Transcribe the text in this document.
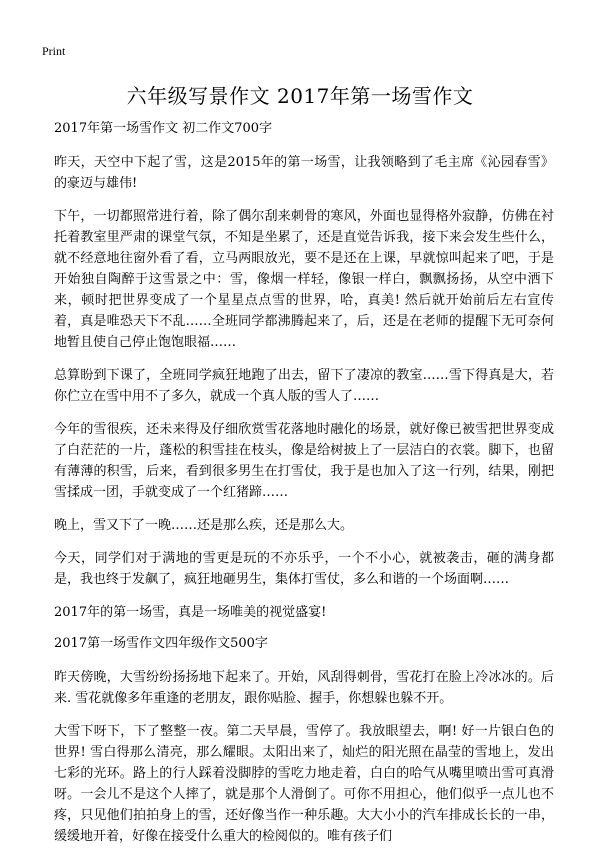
Print
六年级写景作文 2017年第一场雪作文
2017年第一场雪作文 初二作文700字

昨天，天空中下起了雪，这是2015年的第一场雪，让我领略到了毛主席《沁园春雪》的豪迈与雄伟!

下午，一切都照常进行着，除了偶尔刮来刺骨的寒风，外面也显得格外寂静，仿佛在衬托着教室里严肃的课堂气氛，不知是坐累了，还是直觉告诉我，接下来会发生些什么，就不经意地往窗外看了看，立马两眼放光，要不是还在上课，早就惊叫起来了吧，于是开始独自陶醉于这雪景之中：雪，像烟一样轻，像银一样白，飘飘扬扬，从空中洒下来，顿时把世界变成了一个星星点点雪的世界，哈，真美! 然后就开始前后左右宣传着，真是唯恐天下不乱……全班同学都沸腾起来了，后，还是在老师的提醒下无可奈何地暂且使自己停止饱饱眼福……

总算盼到下课了，全班同学疯狂地跑了出去，留下了凄凉的教室……雪下得真是大，若你伫立在雪中用不了多久，就成一个真人版的雪人了……

今年的雪很疾，还未来得及仔细欣赏雪花落地时融化的场景，就好像已被雪把世界变成了白茫茫的一片，蓬松的积雪挂在枝头，像是给树披上了一层洁白的衣裳。脚下，也留有薄薄的积雪，后来，看到很多男生在打雪仗，我于是也加入了这一行列，结果，刚把雪揉成一团，手就变成了一个红猪蹄……

晚上，雪又下了一晚……还是那么疾，还是那么大。

今天，同学们对于满地的雪更是玩的不亦乐乎，一个不小心，就被袭击，砸的满身都是，我也终于发飙了，疯狂地砸男生，集体打雪仗，多么和谐的一个场面啊……

2017年的第一场雪，真是一场唯美的视觉盛宴!

2017第一场雪作文四年级作文500字

昨天傍晚，大雪纷纷扬扬地下起来了。开始，风刮得刺骨，雪花打在脸上冷冰冰的。后来. 雪花就像多年重逢的老朋友，跟你贴脸、握手，你想躲也躲不开。

大雪下呀下，下了整整一夜。第二天早晨，雪停了。我放眼望去，啊! 好一片银白色的世界! 雪白得那么清亮，那么耀眼。太阳出来了，灿烂的阳光照在晶莹的雪地上，发出七彩的光环。路上的行人踩着没脚脖的雪吃力地走着，白白的哈气从嘴里喷出雪可真滑呀。一会儿不是这个人摔了，就是那个人滑倒了。可你不用担心，他们似乎一点儿也不疼，只见他们拍拍身上的雪，还好像当作一种乐趣。大大小小的汽车排成长长的一串，缓缓地开着，好像在接受什么重大的检阅似的。唯有孩子们
